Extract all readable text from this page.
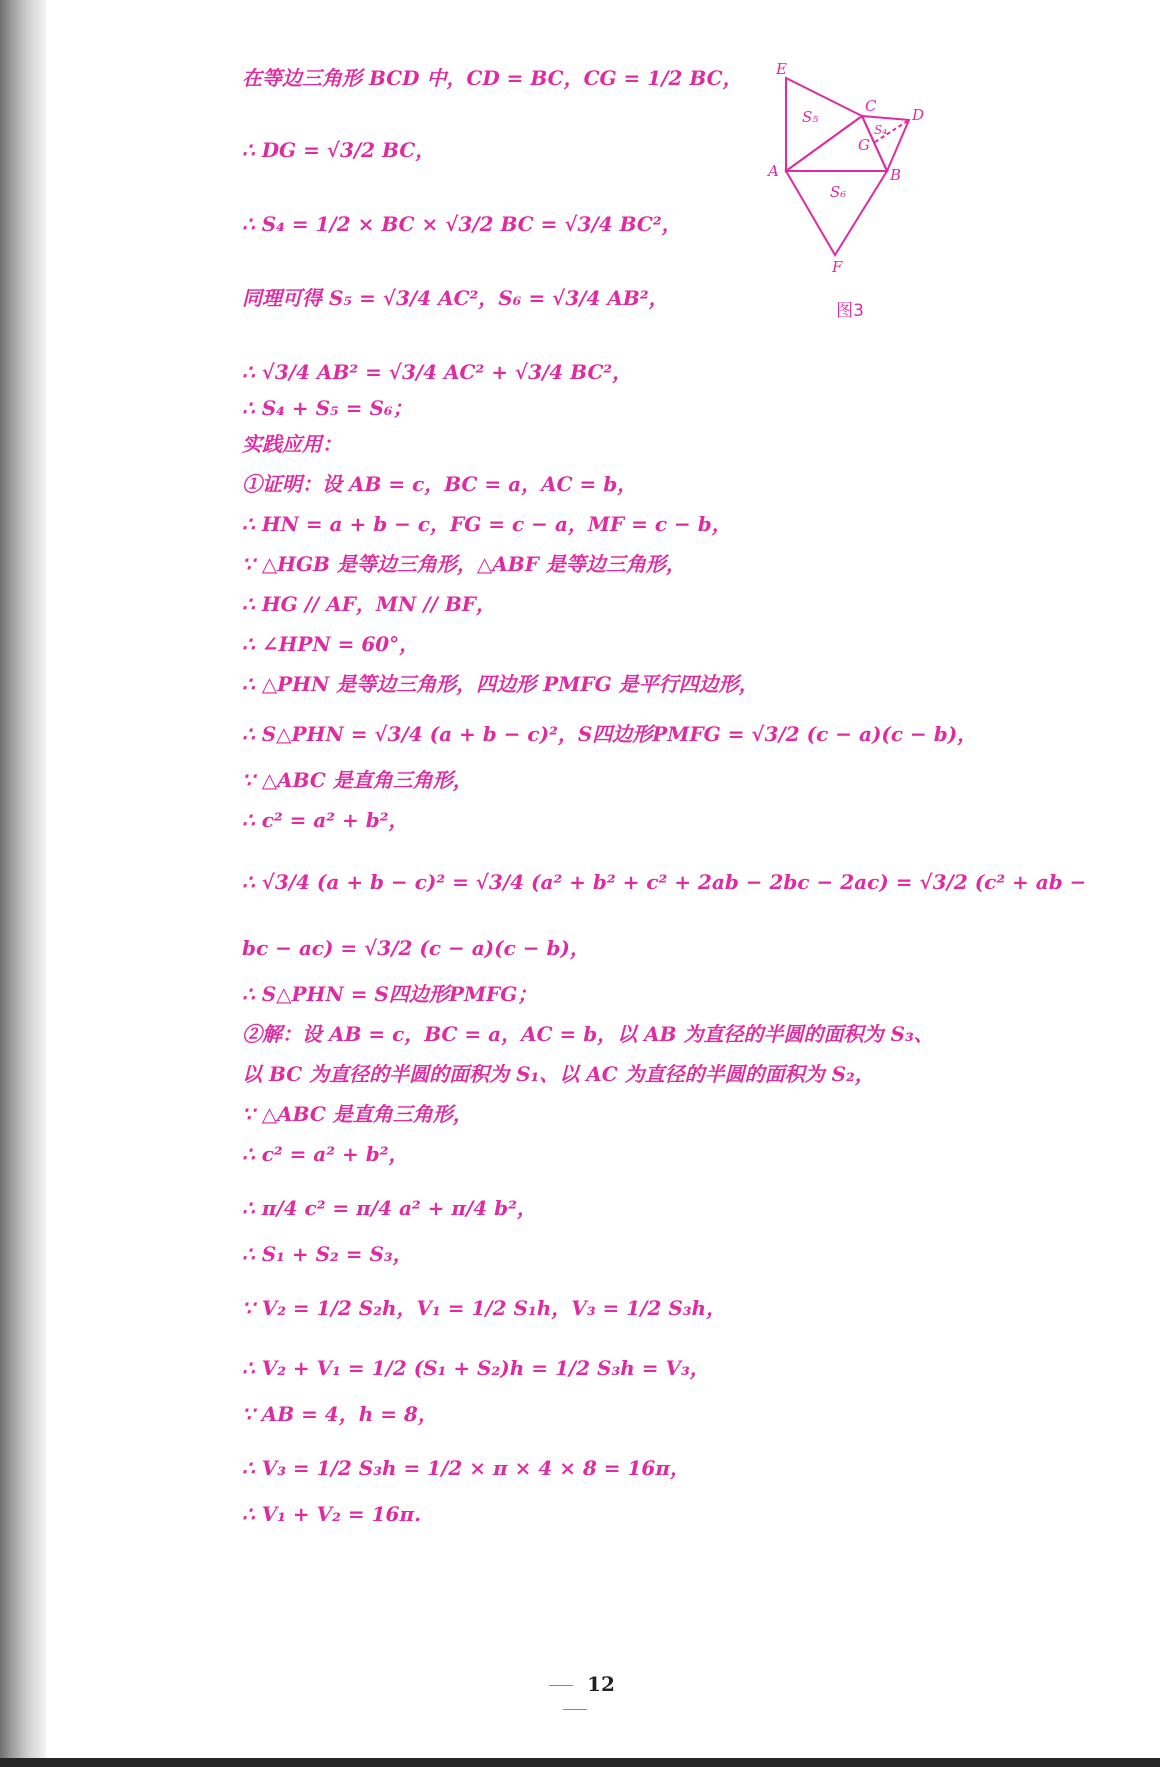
在等边三角形 BCD 中，CD = BC，CG = 1/2 BC，
∴ DG = √3/2 BC，
∴ S₄ = 1/2 × BC × √3/2 BC = √3/4 BC²，
同理可得 S₅ = √3/4 AC²，S₆ = √3/4 AB²，
∴ √3/4 AB² = √3/4 AC² + √3/4 BC²，
∴ S₄ + S₅ = S₆；
实践应用：
①证明：设 AB = c，BC = a，AC = b，
∴ HN = a + b − c，FG = c − a，MF = c − b，
∵ △HGB 是等边三角形，△ABF 是等边三角形，
∴ HG // AF，MN // BF，
∴ ∠HPN = 60°，
∴ △PHN 是等边三角形，四边形 PMFG 是平行四边形，
∴ S△PHN = √3/4 (a + b − c)²，S四边形PMFG = √3/2 (c − a)(c − b)，
∵ △ABC 是直角三角形，
∴ c² = a² + b²，
∴ √3/4 (a + b − c)² = √3/4 (a² + b² + c² + 2ab − 2bc − 2ac) = √3/2 (c² + ab −
bc − ac) = √3/2 (c − a)(c − b)，
∴ S△PHN = S四边形PMFG；
②解：设 AB = c，BC = a，AC = b，以 AB 为直径的半圆的面积为 S₃、
以 BC 为直径的半圆的面积为 S₁、以 AC 为直径的半圆的面积为 S₂，
∵ △ABC 是直角三角形，
∴ c² = a² + b²，
∴ π/4 c² = π/4 a² + π/4 b²，
∴ S₁ + S₂ = S₃，
∵ V₂ = 1/2 S₂h，V₁ = 1/2 S₁h，V₃ = 1/2 S₃h，
∴ V₂ + V₁ = 1/2 (S₁ + S₂)h = 1/2 S₃h = V₃，
∵ AB = 4，h = 8，
∴ V₃ = 1/2 S₃h = 1/2 × π × 4 × 8 = 16π，
∴ V₁ + V₂ = 16π.
E
C D
S₅
S₄
G
A	B
S₆
F
图3
12
